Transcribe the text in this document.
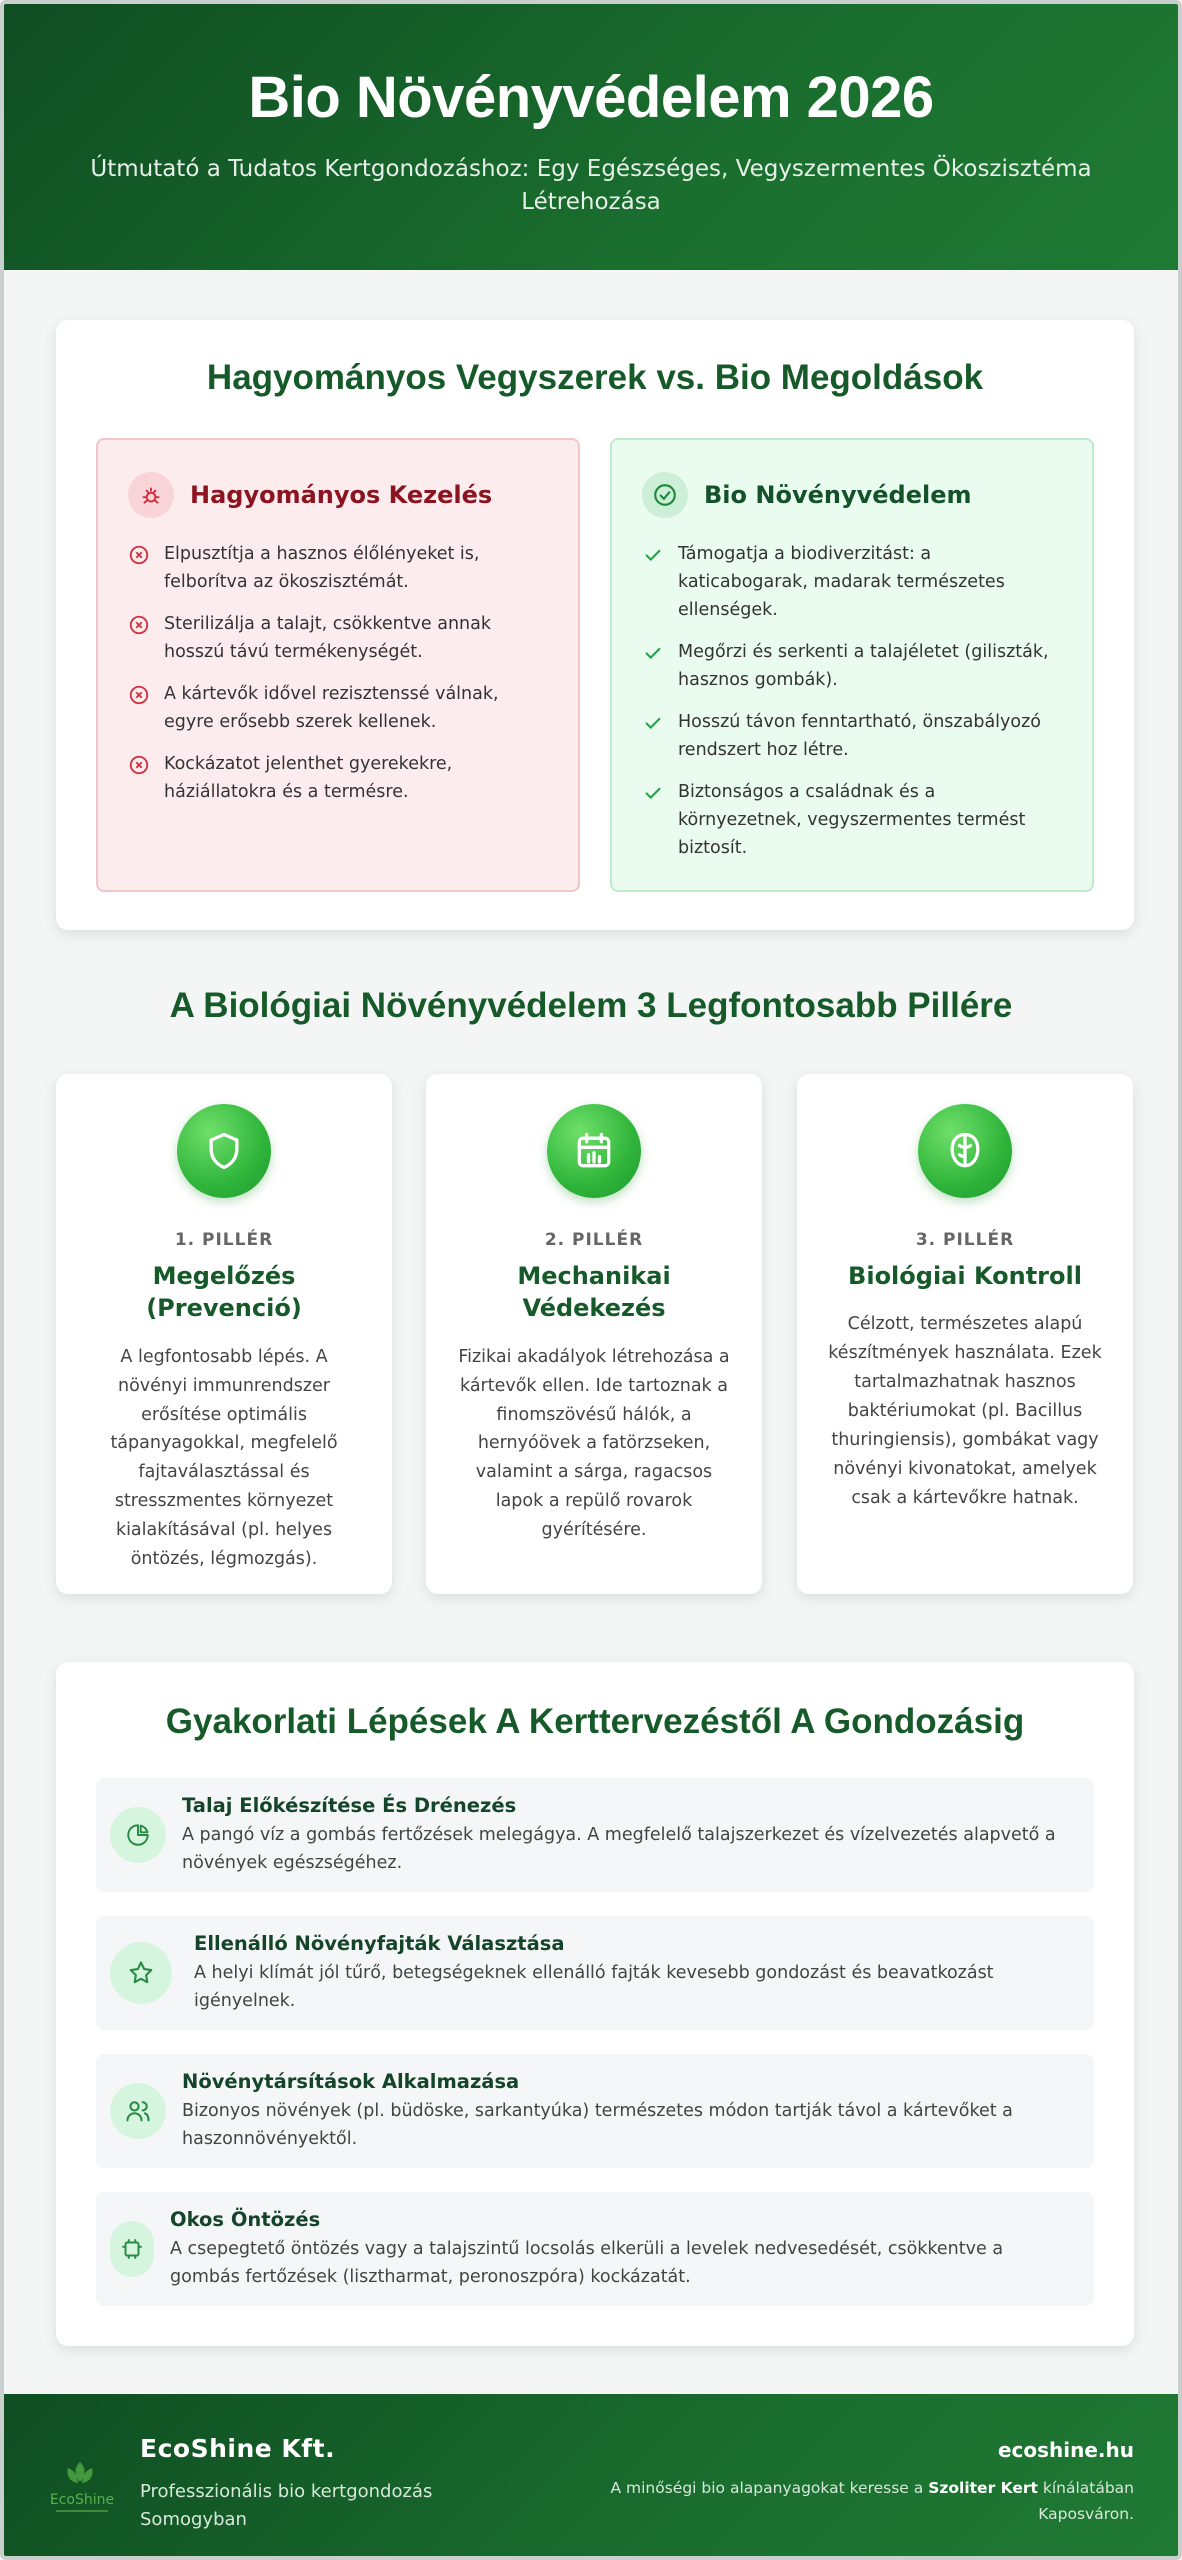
Bio Növényvédelem 2026

Útmutató a Tudatos Kertgondozáshoz: Egy Egészséges, Vegyszermentes Ökoszisztéma Létrehozása

Hagyományos Vegyszerek vs. Bio Megoldások
Hagyományos Kezelés
Elpusztítja a hasznos élőlényeket is, felborítva az ökoszisztémát.
Sterilizálja a talajt, csökkentve annak hosszú távú termékenységét.
A kártevők idővel rezisztenssé válnak, egyre erősebb szerek kellenek.
Kockázatot jelenthet gyerekekre, háziállatokra és a termésre.
Bio Növényvédelem
Támogatja a biodiverzitást: a katicabogarak, madarak természetes ellenségek.
Megőrzi és serkenti a talajéletet (giliszták, hasznos gombák).
Hosszú távon fenntartható, önszabályozó rendszert hoz létre.
Biztonságos a családnak és a környezetnek, vegyszermentes termést biztosít.
A Biológiai Növényvédelem 3 Legfontosabb Pillére
1. PILLÉR
Megelőzés (Prevenció)

A legfontosabb lépés. A növényi immunrendszer erősítése optimális tápanyagokkal, megfelelő fajtaválasztással és stresszmentes környezet kialakításával (pl. helyes öntözés, légmozgás).

2. PILLÉR
Mechanikai Védekezés

Fizikai akadályok létrehozása a kártevők ellen. Ide tartoznak a finomszövésű hálók, a hernyóövek a fatörzseken, valamint a sárga, ragacsos lapok a repülő rovarok gyérítésére.

3. PILLÉR
Biológiai Kontroll

Célzott, természetes alapú készítmények használata. Ezek tartalmazhatnak hasznos baktériumokat (pl. Bacillus thuringiensis), gombákat vagy növényi kivonatokat, amelyek csak a kártevőkre hatnak.

Gyakorlati Lépések A Kerttervezéstől A Gondozásig
Talaj Előkészítése És Drénezés

A pangó víz a gombás fertőzések melegágya. A megfelelő talajszerkezet és vízelvezetés alapvető a növények egészségéhez.

Ellenálló Növényfajták Választása

A helyi klímát jól tűrő, betegségeknek ellenálló fajták kevesebb gondozást és beavatkozást igényelnek.

Növénytársítások Alkalmazása

Bizonyos növények (pl. büdöske, sarkantyúka) természetes módon tartják távol a kártevőket a haszonnövényektől.

Okos Öntözés

A csepegtető öntözés vagy a talajszintű locsolás elkerüli a levelek nedvesedését, csökkentve a gombás fertőzések (lisztharmat, peronoszpóra) kockázatát.

EcoShine
EcoShine Kft.
Professzionális bio kertgondozás Somogyban
ecoshine.hu
A minőségi bio alapanyagokat keresse a Szoliter Kert kínálatában Kaposváron.
